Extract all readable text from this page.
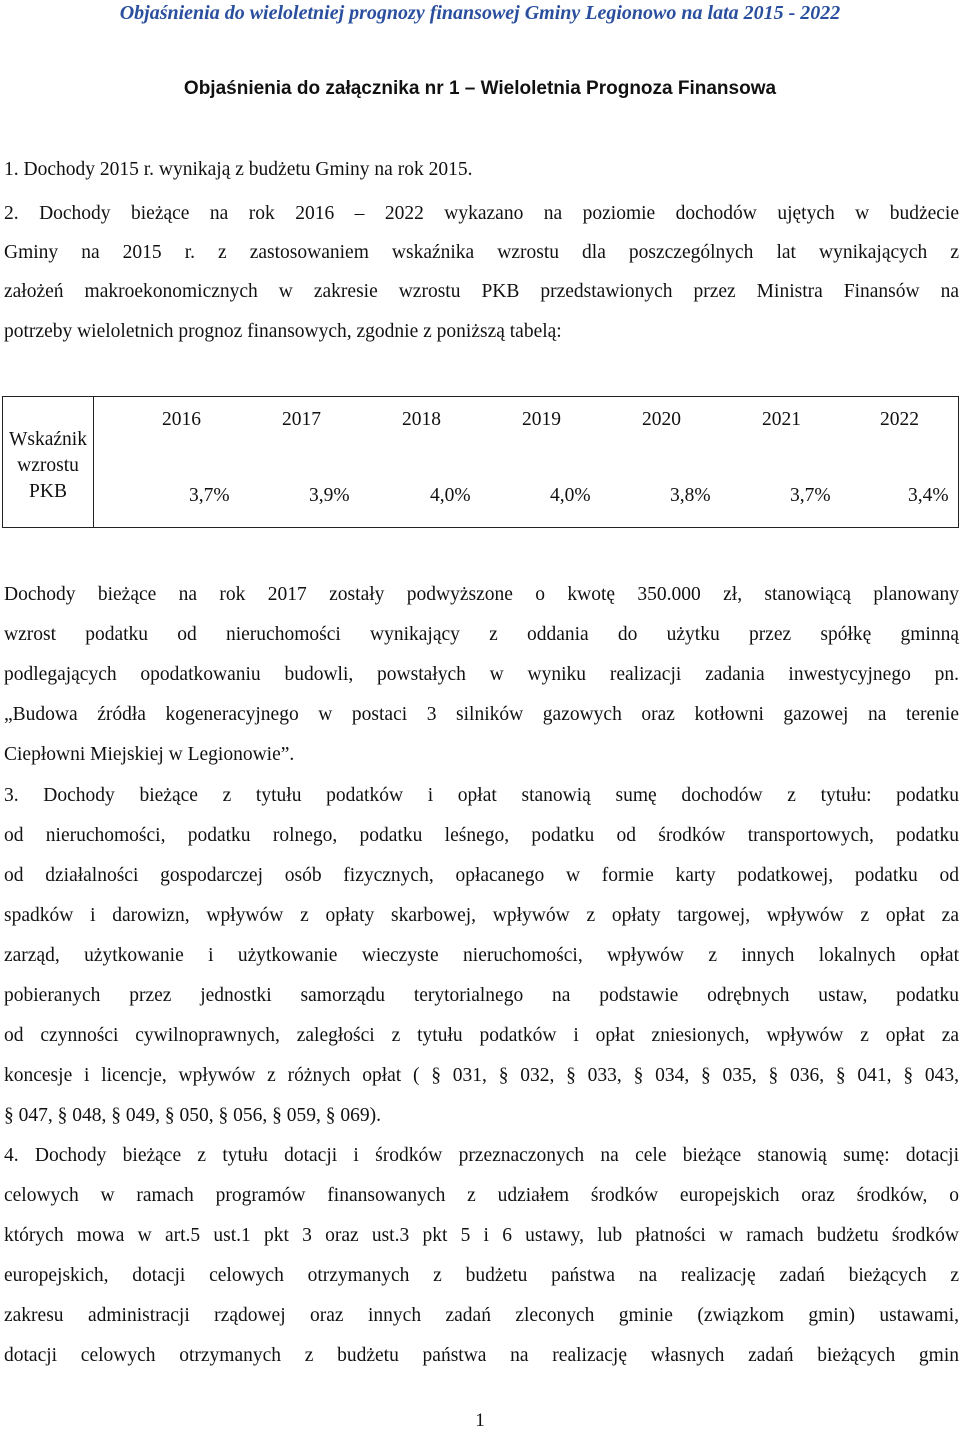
Objaśnienia do wieloletniej prognozy finansowej Gminy Legionowo na lata 2015 - 2022
Objaśnienia do załącznika nr 1 – Wieloletnia Prognoza Finansowa
1. Dochody 2015 r. wynikają z budżetu Gminy na rok 2015.
2. Dochody bieżące na rok 2016 – 2022 wykazano na poziomie dochodów ujętych w budżecie
Gminy na 2015 r. z zastosowaniem wskaźnika wzrostu dla poszczególnych lat wynikających z
założeń makroekonomicznych w zakresie wzrostu PKB przedstawionych przez Ministra Finansów na
potrzeby wieloletnich prognoz finansowych, zgodnie z poniższą tabelą:
Wskaźnik wzrostu PKB	
2016	2017	2018	2019	2020	2021	2022
3,7%	3,9%	4,0%	4,0%	3,8%	3,7%	3,4%
Dochody bieżące na rok 2017 zostały podwyższone o kwotę 350.000 zł, stanowiącą planowany
wzrost podatku od nieruchomości wynikający z oddania do użytku przez spółkę gminną
podlegających opodatkowaniu budowli, powstałych w wyniku realizacji zadania inwestycyjnego pn.
„Budowa źródła kogeneracyjnego w postaci 3 silników gazowych oraz kotłowni gazowej na terenie
Ciepłowni Miejskiej w Legionowie”.
3. Dochody bieżące z tytułu podatków i opłat stanowią sumę dochodów z tytułu: podatku
od nieruchomości, podatku rolnego, podatku leśnego, podatku od środków transportowych, podatku
od działalności gospodarczej osób fizycznych, opłacanego w formie karty podatkowej, podatku od
spadków i darowizn, wpływów z opłaty skarbowej, wpływów z opłaty targowej, wpływów z opłat za
zarząd, użytkowanie i użytkowanie wieczyste nieruchomości, wpływów z innych lokalnych opłat
pobieranych przez jednostki samorządu terytorialnego na podstawie odrębnych ustaw, podatku
od czynności cywilnoprawnych, zaległości z tytułu podatków i opłat zniesionych, wpływów z opłat za
koncesje i licencje, wpływów z różnych opłat ( § 031, § 032, § 033, § 034, § 035, § 036, § 041, § 043,
§ 047, § 048, § 049, § 050, § 056, § 059, § 069).
4. Dochody bieżące z tytułu dotacji i środków przeznaczonych na cele bieżące stanowią sumę: dotacji
celowych w ramach programów finansowanych z udziałem środków europejskich oraz środków, o
których mowa w art.5 ust.1 pkt 3 oraz ust.3 pkt 5 i 6 ustawy, lub płatności w ramach budżetu środków
europejskich, dotacji celowych otrzymanych z budżetu państwa na realizację zadań bieżących z
zakresu administracji rządowej oraz innych zadań zleconych gminie (związkom gmin) ustawami,
dotacji celowych otrzymanych z budżetu państwa na realizację własnych zadań bieżących gmin
1
